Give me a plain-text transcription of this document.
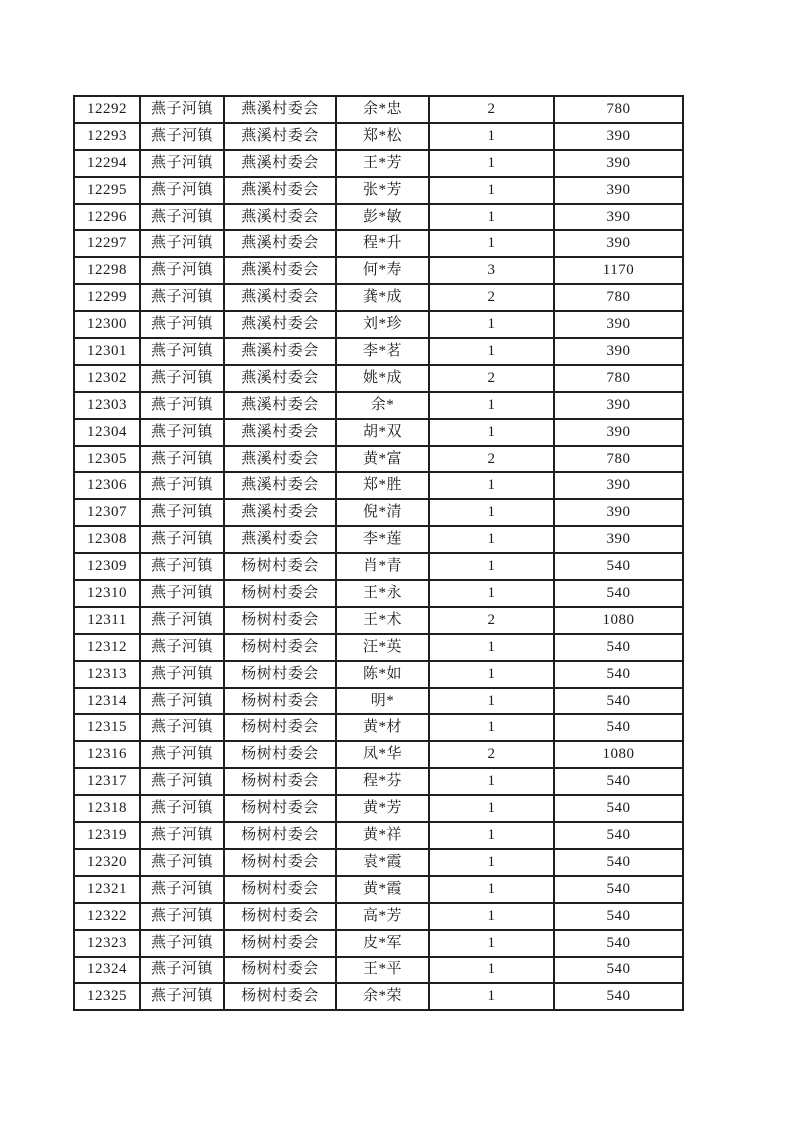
12292	燕子河镇	燕溪村委会	余*忠	2	780
12293	燕子河镇	燕溪村委会	郑*松	1	390
12294	燕子河镇	燕溪村委会	王*芳	1	390
12295	燕子河镇	燕溪村委会	张*芳	1	390
12296	燕子河镇	燕溪村委会	彭*敏	1	390
12297	燕子河镇	燕溪村委会	程*升	1	390
12298	燕子河镇	燕溪村委会	何*寿	3	1170
12299	燕子河镇	燕溪村委会	龚*成	2	780
12300	燕子河镇	燕溪村委会	刘*珍	1	390
12301	燕子河镇	燕溪村委会	李*茗	1	390
12302	燕子河镇	燕溪村委会	姚*成	2	780
12303	燕子河镇	燕溪村委会	余*	1	390
12304	燕子河镇	燕溪村委会	胡*双	1	390
12305	燕子河镇	燕溪村委会	黄*富	2	780
12306	燕子河镇	燕溪村委会	郑*胜	1	390
12307	燕子河镇	燕溪村委会	倪*清	1	390
12308	燕子河镇	燕溪村委会	李*莲	1	390
12309	燕子河镇	杨树村委会	肖*青	1	540
12310	燕子河镇	杨树村委会	王*永	1	540
12311	燕子河镇	杨树村委会	王*术	2	1080
12312	燕子河镇	杨树村委会	汪*英	1	540
12313	燕子河镇	杨树村委会	陈*如	1	540
12314	燕子河镇	杨树村委会	明*	1	540
12315	燕子河镇	杨树村委会	黄*材	1	540
12316	燕子河镇	杨树村委会	凤*华	2	1080
12317	燕子河镇	杨树村委会	程*芬	1	540
12318	燕子河镇	杨树村委会	黄*芳	1	540
12319	燕子河镇	杨树村委会	黄*祥	1	540
12320	燕子河镇	杨树村委会	袁*霞	1	540
12321	燕子河镇	杨树村委会	黄*霞	1	540
12322	燕子河镇	杨树村委会	高*芳	1	540
12323	燕子河镇	杨树村委会	皮*军	1	540
12324	燕子河镇	杨树村委会	王*平	1	540
12325	燕子河镇	杨树村委会	余*荣	1	540
